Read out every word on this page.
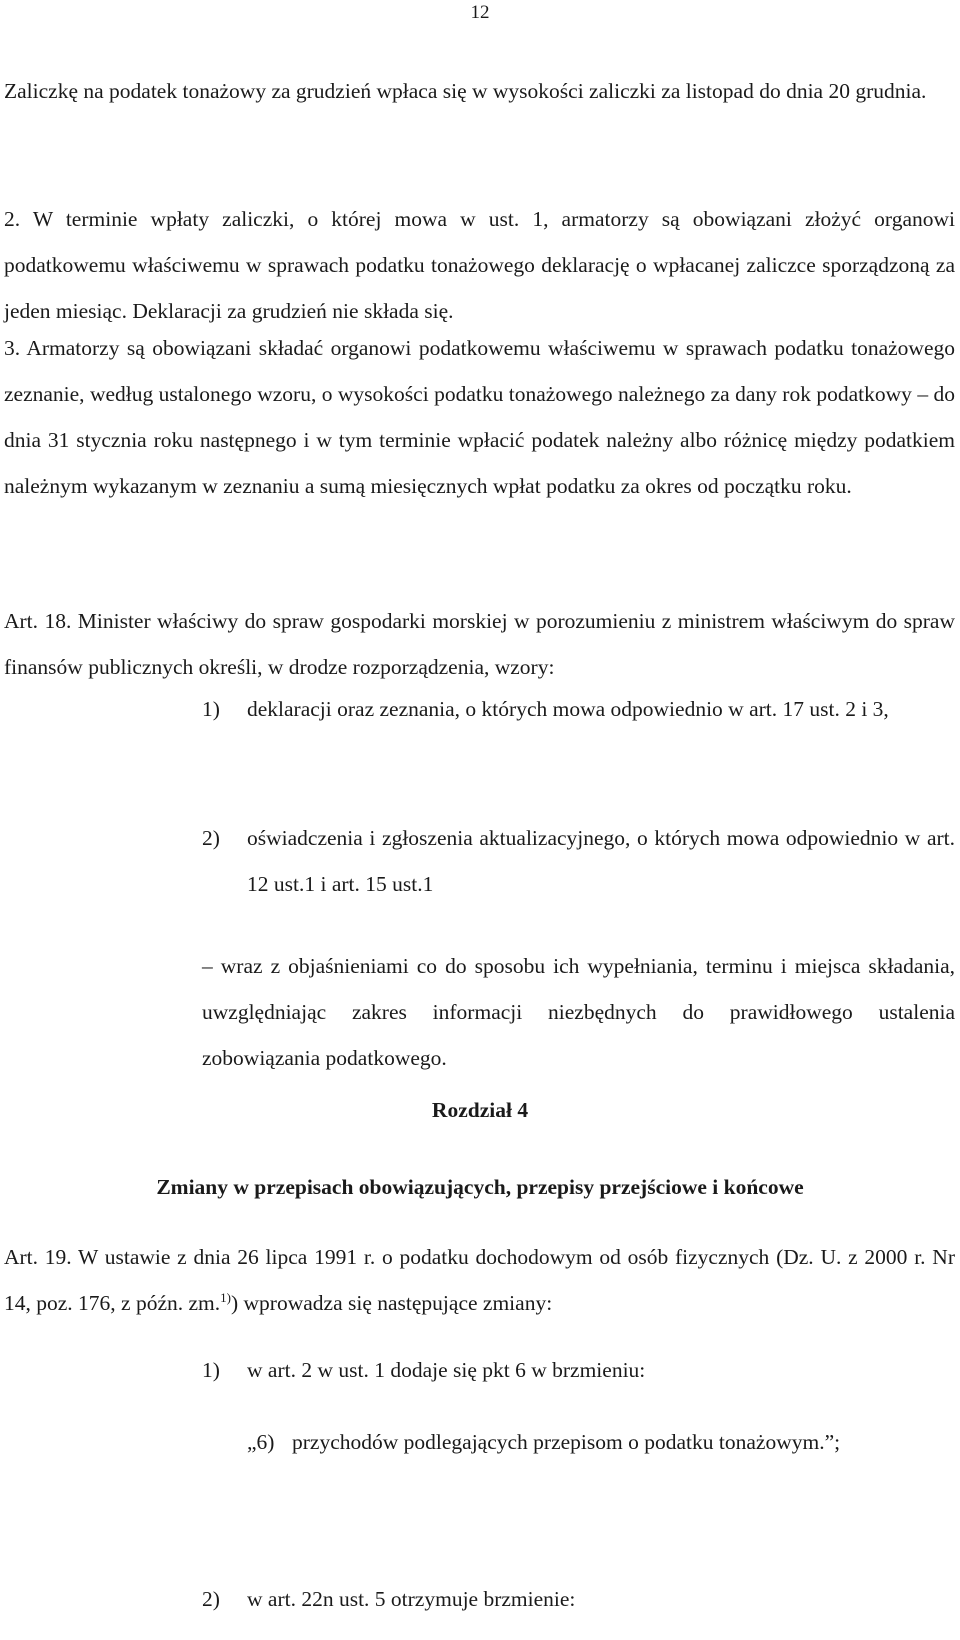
12
Zaliczkę na podatek tonażowy za grudzień wpłaca się w wysokości zaliczki za listopad do dnia 20 grudnia.
2. W terminie wpłaty zaliczki, o której mowa w ust. 1, armatorzy są obowiązani złożyć organowi podatkowemu właściwemu w sprawach podatku tonażowego deklarację o wpłacanej zaliczce sporządzoną za jeden miesiąc. Deklaracji za grudzień nie składa się.
3. Armatorzy są obowiązani składać organowi podatkowemu właściwemu w sprawach podatku tonażowego zeznanie, według ustalonego wzoru, o wysokości podatku tonażowego należnego za dany rok podatkowy – do dnia 31 stycznia roku następnego i w tym terminie wpłacić podatek należny albo różnicę między podatkiem należnym wykazanym w zeznaniu a sumą miesięcznych wpłat podatku za okres od początku roku.
Art. 18. Minister właściwy do spraw gospodarki morskiej w porozumieniu z ministrem właściwym do spraw finansów publicznych określi, w drodze rozporządzenia, wzory:
1)	deklaracji oraz zeznania, o których mowa odpowiednio w art. 17 ust. 2 i 3,
2)	oświadczenia i zgłoszenia aktualizacyjnego, o których mowa odpowiednio w art. 12 ust.1 i art. 15 ust.1
– wraz z objaśnieniami co do sposobu ich wypełniania, terminu i miejsca składania, uwzględniając zakres informacji niezbędnych do prawidłowego ustalenia zobowiązania podatkowego.
Rozdział 4
Zmiany w przepisach obowiązujących, przepisy przejściowe i końcowe
Art. 19. W ustawie z dnia 26 lipca 1991 r. o podatku dochodowym od osób fizycznych (Dz. U. z 2000 r. Nr 14, poz. 176, z późn. zm.$^{1)}$) wprowadza się następujące zmiany:
1)	w art. 2 w ust. 1 dodaje się pkt 6 w brzmieniu:
„6) przychodów podlegających przepisom o podatku tonażowym.”;
2)	w art. 22n ust. 5 otrzymuje brzmienie:
